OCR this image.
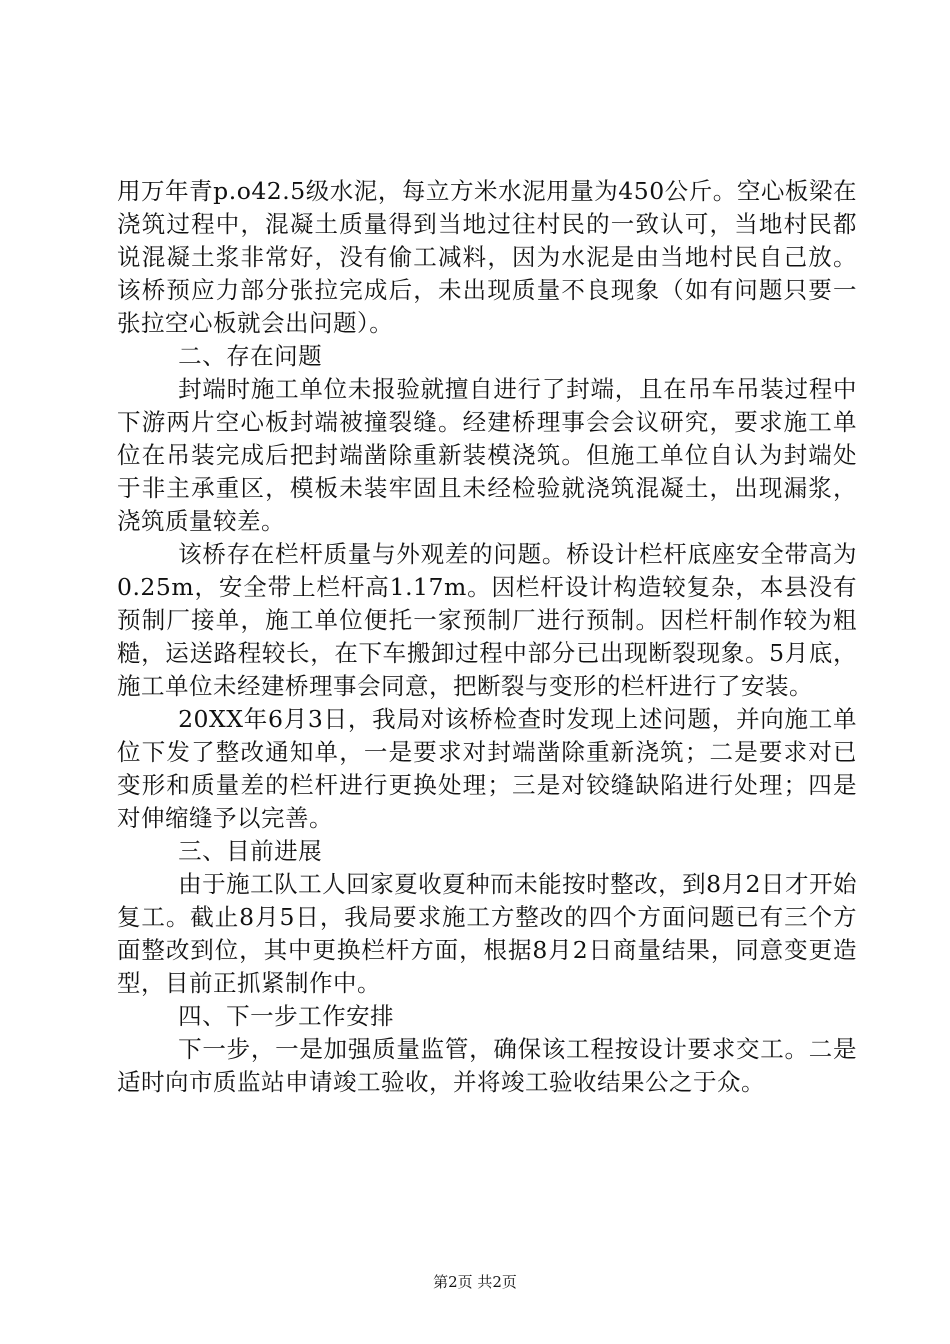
用万年青p.o42.5级水泥，每立方米水泥用量为450公斤。空心板梁在浇筑过程中，混凝土质量得到当地过往村民的一致认可，当地村民都说混凝土浆非常好，没有偷工减料，因为水泥是由当地村民自己放。该桥预应力部分张拉完成后，未出现质量不良现象（如有问题只要一张拉空心板就会出问题）。

二、存在问题

封端时施工单位未报验就擅自进行了封端，且在吊车吊装过程中下游两片空心板封端被撞裂缝。经建桥理事会会议研究，要求施工单位在吊装完成后把封端凿除重新装模浇筑。但施工单位自认为封端处于非主承重区，模板未装牢固且未经检验就浇筑混凝土，出现漏浆，浇筑质量较差。

该桥存在栏杆质量与外观差的问题。桥设计栏杆底座安全带高为0.25m，安全带上栏杆高1.17m。因栏杆设计构造较复杂，本县没有预制厂接单，施工单位便托一家预制厂进行预制。因栏杆制作较为粗糙，运送路程较长，在下车搬卸过程中部分已出现断裂现象。5月底，施工单位未经建桥理事会同意，把断裂与变形的栏杆进行了安装。

20XX年6月3日，我局对该桥检查时发现上述问题，并向施工单位下发了整改通知单，一是要求对封端凿除重新浇筑；二是要求对已变形和质量差的栏杆进行更换处理；三是对铰缝缺陷进行处理；四是对伸缩缝予以完善。

三、目前进展

由于施工队工人回家夏收夏种而未能按时整改，到8月2日才开始复工。截止8月5日，我局要求施工方整改的四个方面问题已有三个方面整改到位，其中更换栏杆方面，根据8月2日商量结果，同意变更造型，目前正抓紧制作中。

四、下一步工作安排

下一步，一是加强质量监管，确保该工程按设计要求交工。二是适时向市质监站申请竣工验收，并将竣工验收结果公之于众。

第2页 共2页
